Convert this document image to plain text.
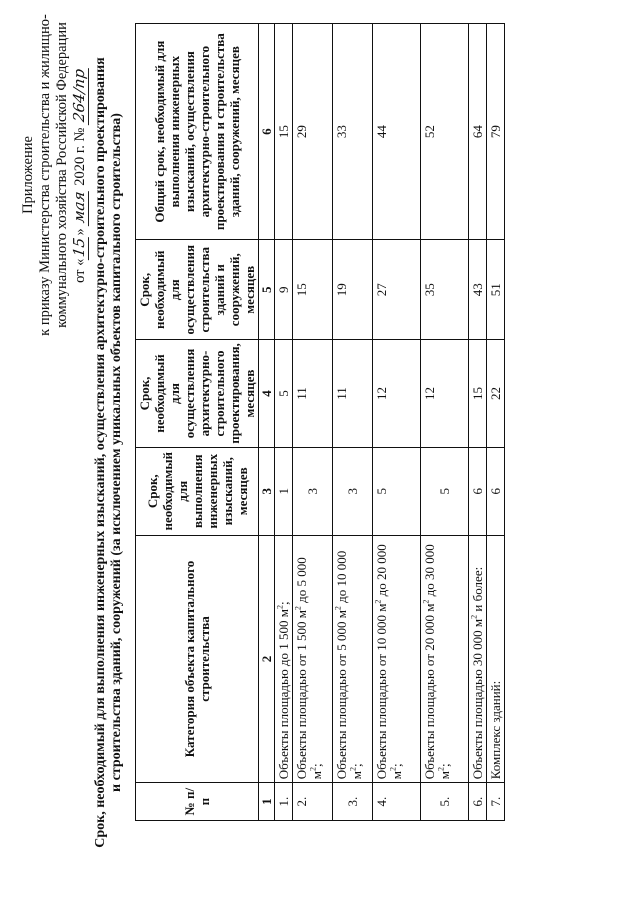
Приложение к приказу Министерства строительства и жилищно- коммунального хозяйства Российской Федерации от «15» мая 2020 г. № 264/пр Срок, необходимый для выполнения инженерных изысканий, осуществления архитектурно-строительного проектирования и строительства зданий, сооружений (за исключением уникальных объектов капитального строительства)
№ п/п	Категория объекта капитального строительства	Срок, необходимый для выполнения инженерных изысканий, месяцев	Срок, необходимый для осуществления архитектурно-строительного проектирования, месяцев	Срок, необходимый для осуществления строительства зданий и сооружений, месяцев	Общий срок, необходимый для выполнения инженерных изысканий, осуществления архитектурно-строительного проектирования и строительства зданий, сооружений, месяцев
1	2	3	4	5	6
1.	Объекты площадью до 1 500 $м^2$;	1	5	9	15
2.	Объекты площадью от 1 500 $м^2$ до 5 000 $м^2$;	3	11	15	29
3.	Объекты площадью от 5 000 $м^2$ до 10 000 $м^2$;	3	11	19	33
4.	Объекты площадью от 10 000 $м^2$ до 20 000 $м^2$;	5	12	27	44
5.	Объекты площадью от 20 000 $м^2$ до 30 000 $м^2$;	5	12	35	52
6.	Объекты площадью 30 000 $м^2$ и более:	6	15	43	64
7.	Комплекс зданий:	6	22	51	79
